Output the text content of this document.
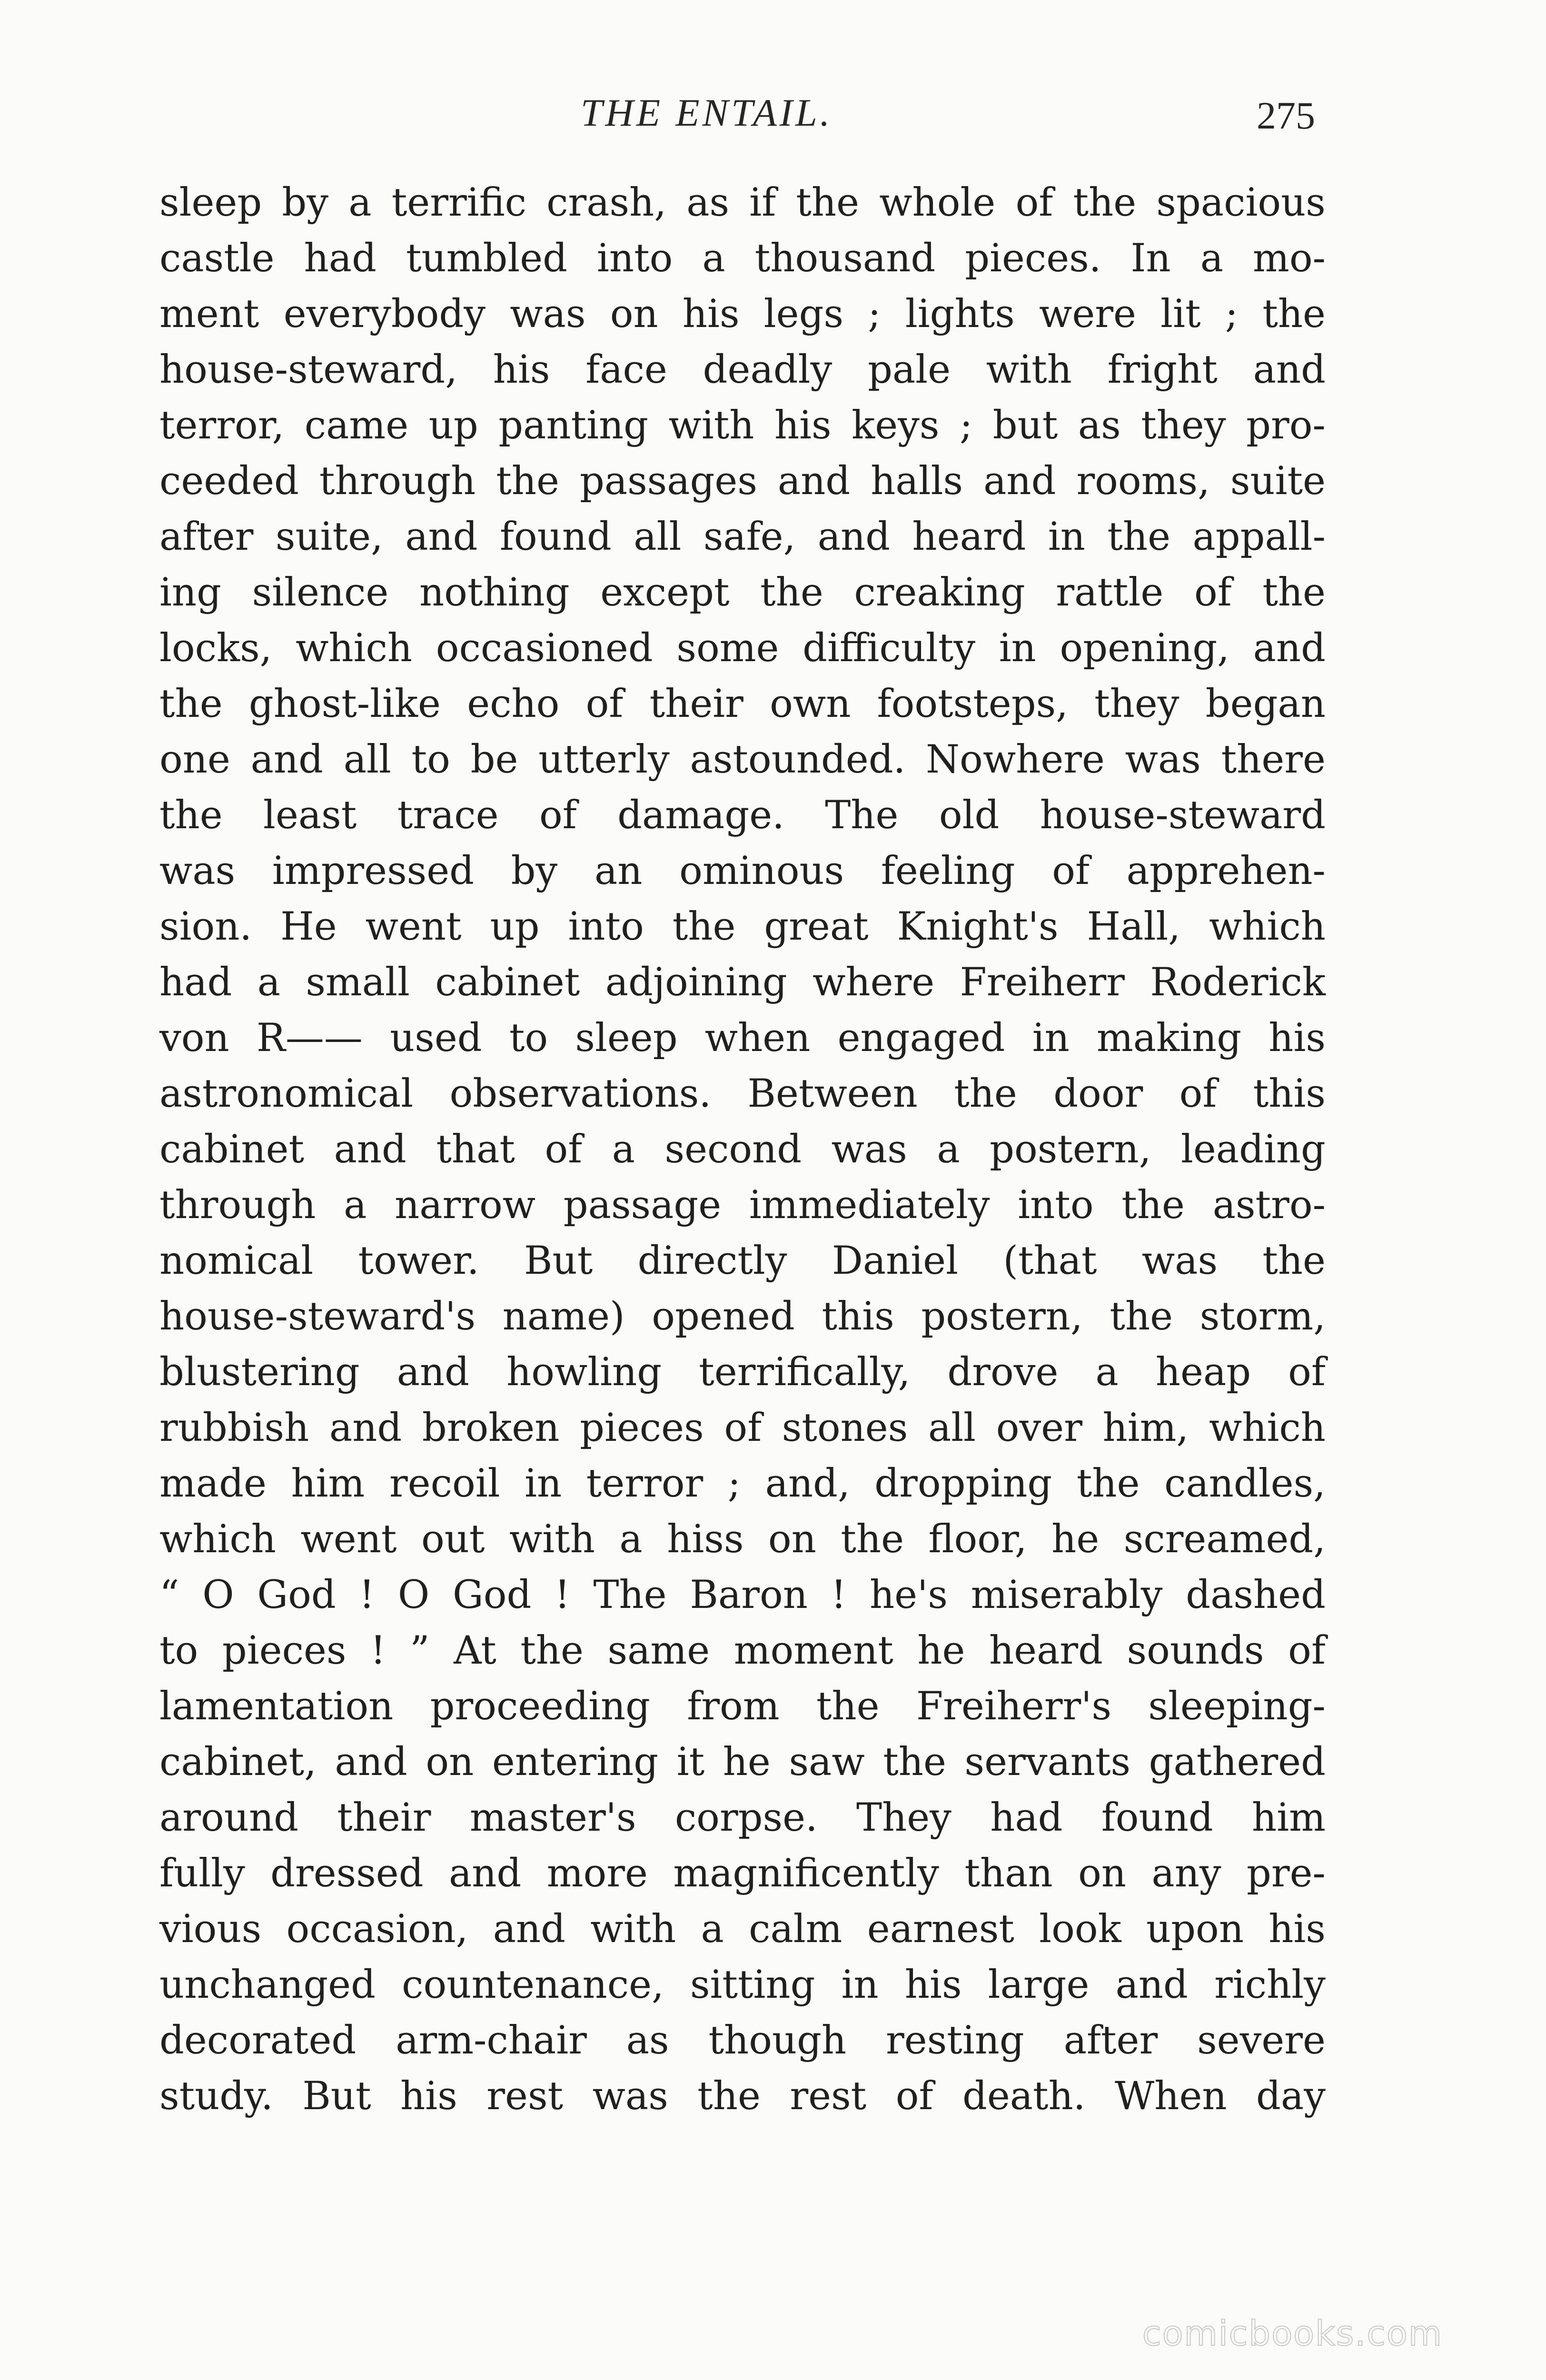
THE ENTAIL.	275
sleep by a terrific crash, as if the whole of the spacious
castle had tumbled into a thousand pieces. In a mo-
ment everybody was on his legs ; lights were lit ; the
house-steward, his face deadly pale with fright and
terror, came up panting with his keys ; but as they pro-
ceeded through the passages and halls and rooms, suite
after suite, and found all safe, and heard in the appall-
ing silence nothing except the creaking rattle of the
locks, which occasioned some difficulty in opening, and
the ghost-like echo of their own footsteps, they began
one and all to be utterly astounded. Nowhere was there
the least trace of damage. The old house-steward
was impressed by an ominous feeling of apprehen-
sion. He went up into the great Knight's Hall, which
had a small cabinet adjoining where Freiherr Roderick
von R—— used to sleep when engaged in making his
astronomical observations. Between the door of this
cabinet and that of a second was a postern, leading
through a narrow passage immediately into the astro-
nomical tower. But directly Daniel (that was the
house-steward's name) opened this postern, the storm,
blustering and howling terrifically, drove a heap of
rubbish and broken pieces of stones all over him, which
made him recoil in terror ; and, dropping the candles,
which went out with a hiss on the floor, he screamed,
“ O God ! O God ! The Baron ! he's miserably dashed
to pieces ! ” At the same moment he heard sounds of
lamentation proceeding from the Freiherr's sleeping-
cabinet, and on entering it he saw the servants gathered
around their master's corpse. They had found him
fully dressed and more magnificently than on any pre-
vious occasion, and with a calm earnest look upon his
unchanged countenance, sitting in his large and richly
decorated arm-chair as though resting after severe
study. But his rest was the rest of death. When day
comicbooks.com
